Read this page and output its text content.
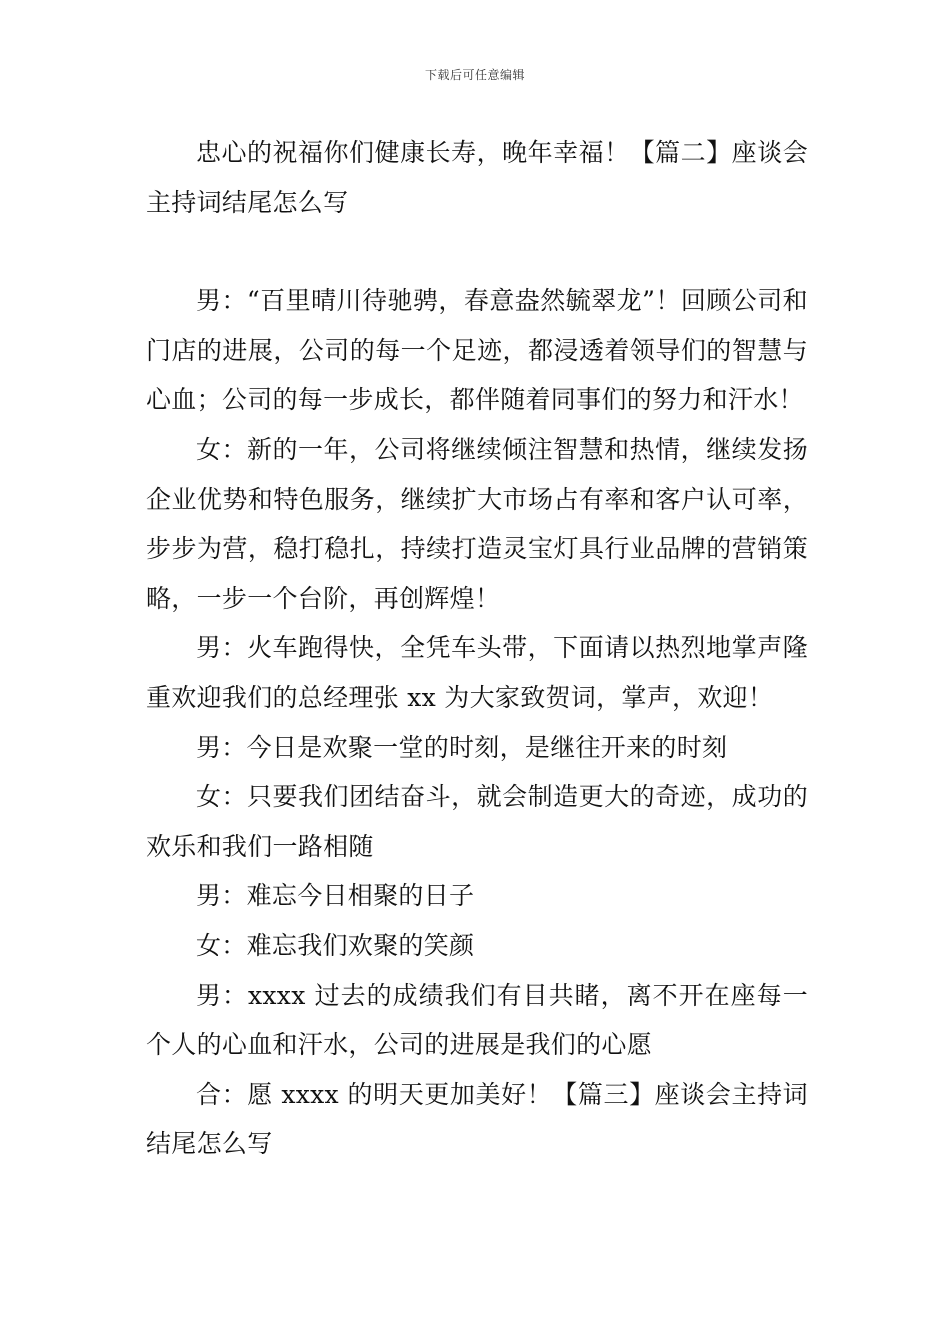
下载后可任意编辑

忠心的祝福你们健康长寿，晚年幸福！【篇二】座谈会主持词结尾怎么写

男：“百里晴川待驰骋，春意盎然毓翠龙”！回顾公司和门店的进展，公司的每一个足迹，都浸透着领导们的智慧与心血；公司的每一步成长，都伴随着同事们的努力和汗水！

女：新的一年，公司将继续倾注智慧和热情，继续发扬企业优势和特色服务，继续扩大市场占有率和客户认可率，步步为营，稳打稳扎，持续打造灵宝灯具行业品牌的营销策略，一步一个台阶，再创辉煌！

男：火车跑得快，全凭车头带，下面请以热烈地掌声隆重欢迎我们的总经理张 xx 为大家致贺词，掌声，欢迎！

男：今日是欢聚一堂的时刻，是继往开来的时刻

女：只要我们团结奋斗，就会制造更大的奇迹，成功的欢乐和我们一路相随

男：难忘今日相聚的日子

女：难忘我们欢聚的笑颜

男：xxxx 过去的成绩我们有目共睹，离不开在座每一个人的心血和汗水，公司的进展是我们的心愿

合：愿 xxxx 的明天更加美好！【篇三】座谈会主持词结尾怎么写
